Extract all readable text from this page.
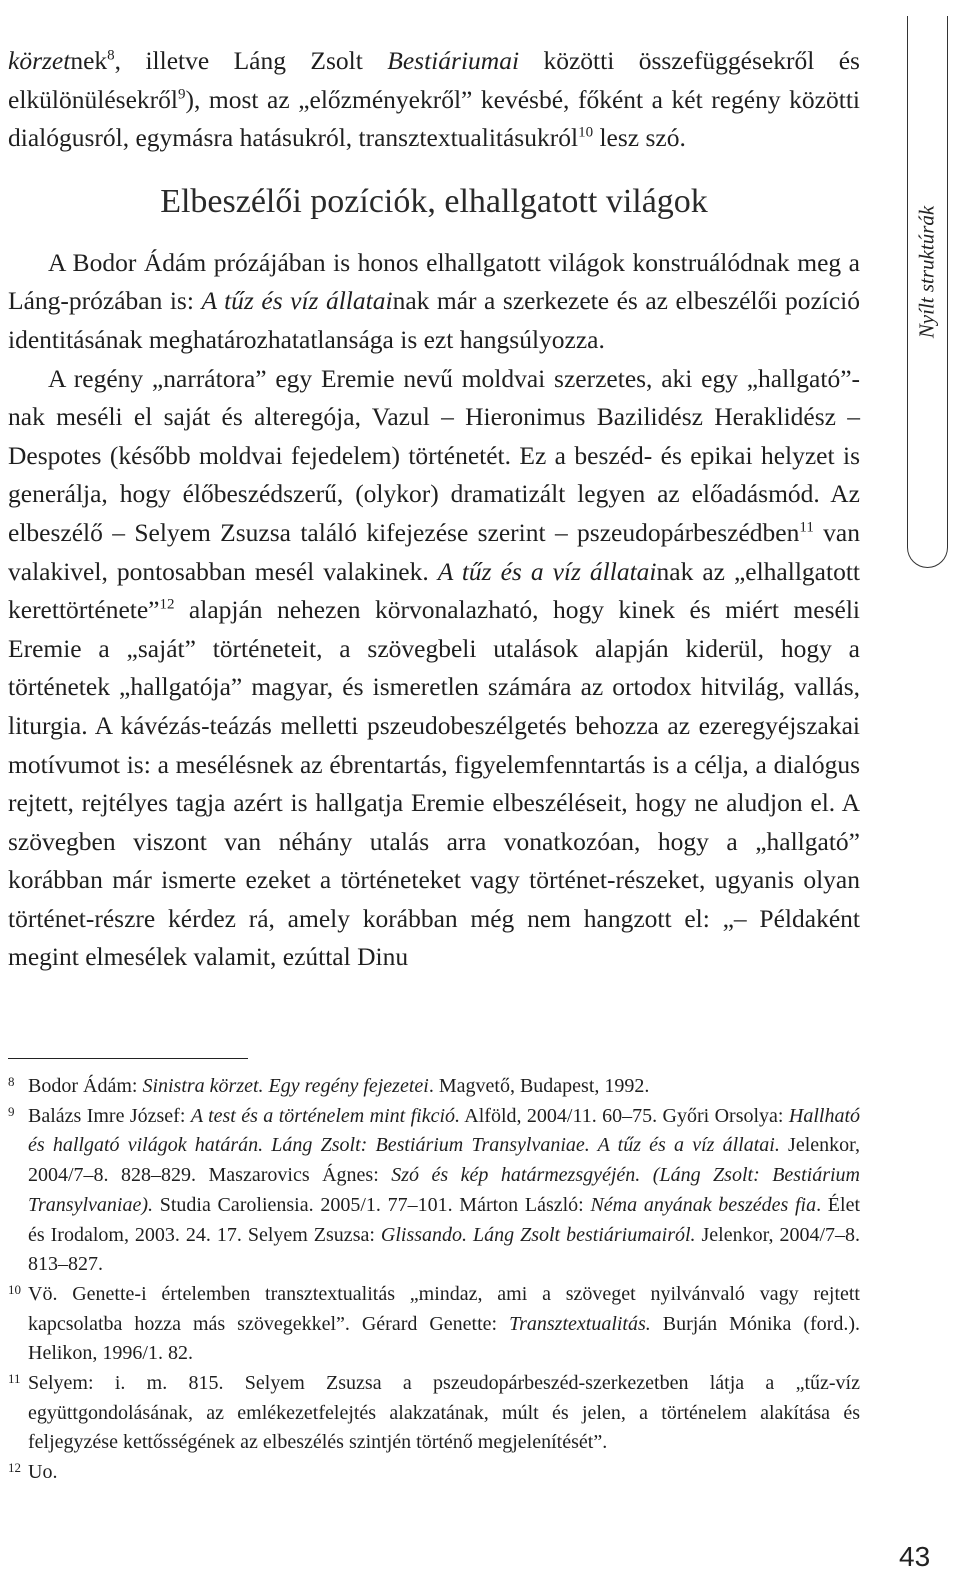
Nyílt struktúrák

körzetnek$^8$, illetve Láng Zsolt Bestiáriumai közötti összefüggésekről és elkülönülésekről$^9$), most az „előzményekről” kevésbé, főként a két regény közötti dialógusról, egymásra hatásukról, transztextualitásukról$^{10}$ lesz szó.

Elbeszélői pozíciók, elhallgatott világok

A Bodor Ádám prózájában is honos elhallgatott világok konstruálódnak meg a Láng-prózában is: A tűz és víz állatainak már a szerkezete és az elbeszélői pozíció identitásának meghatározhatatlansága is ezt hangsúlyozza.

A regény „narrátora” egy Eremie nevű moldvai szerzetes, aki egy „hallgató”-nak meséli el saját és alteregója, Vazul – Hieronimus Bazilidész Heraklidész – Despotes (később moldvai fejedelem) történetét. Ez a beszéd- és epikai helyzet is generálja, hogy élőbeszédszerű, (olykor) dramatizált legyen az előadásmód. Az elbeszélő – Selyem Zsuzsa találó kifejezése szerint – pszeudopárbeszédben$^{11}$ van valakivel, pontosabban mesél valakinek. A tűz és a víz állatainak az „elhallgatott kerettörténete”$^{12}$ alapján nehezen körvonalazható, hogy kinek és miért meséli Eremie a „saját” történeteit, a szövegbeli utalások alapján kiderül, hogy a történetek „hallgatója” magyar, és ismeretlen számára az ortodox hitvilág, vallás, liturgia. A kávézás-teázás melletti pszeudobeszélgetés behozza az ezeregyéjszakai motívumot is: a mesélésnek az ébrentartás, figyelemfenntartás is a célja, a dialógus rejtett, rejtélyes tagja azért is hallgatja Eremie elbeszéléseit, hogy ne aludjon el. A szövegben viszont van néhány utalás arra vonatkozóan, hogy a „hallgató” korábban már ismerte ezeket a történeteket vagy történet-részeket, ugyanis olyan történet-részre kérdez rá, amely korábban még nem hangzott el: „– Példaként megint elmesélek valamit, ezúttal Dinu

8 Bodor Ádám: Sinistra körzet. Egy regény fejezetei. Magvető, Budapest, 1992.

9 Balázs Imre József: A test és a történelem mint fikció. Alföld, 2004/11. 60–75. Győri Orsolya: Hallható és hallgató világok határán. Láng Zsolt: Bestiárium Transylvaniae. A tűz és a víz állatai. Jelenkor, 2004/7–8. 828–829. Maszarovics Ágnes: Szó és kép határmezsgyéjén. (Láng Zsolt: Bestiárium Transylvaniae). Studia Caroliensia. 2005/1. 77–101. Márton László: Néma anyának beszédes fia. Élet és Irodalom, 2003. 24. 17. Selyem Zsuzsa: Glissando. Láng Zsolt bestiáriumairól. Jelenkor, 2004/7–8. 813–827.

10 Vö. Genette-i értelemben transztextualitás „mindaz, ami a szöveget nyilvánvaló vagy rejtett kapcsolatba hozza más szövegekkel”. Gérard Genette: Transztextualitás. Burján Mónika (ford.). Helikon, 1996/1. 82.

11 Selyem: i. m. 815. Selyem Zsuzsa a pszeudopárbeszéd-szerkezetben látja a „tűz-víz együttgondolásának, az emlékezetfelejtés alakzatának, múlt és jelen, a történelem alakítása és feljegyzése kettősségének az elbeszélés szintjén történő megjelenítését”.

12 Uo.

43
